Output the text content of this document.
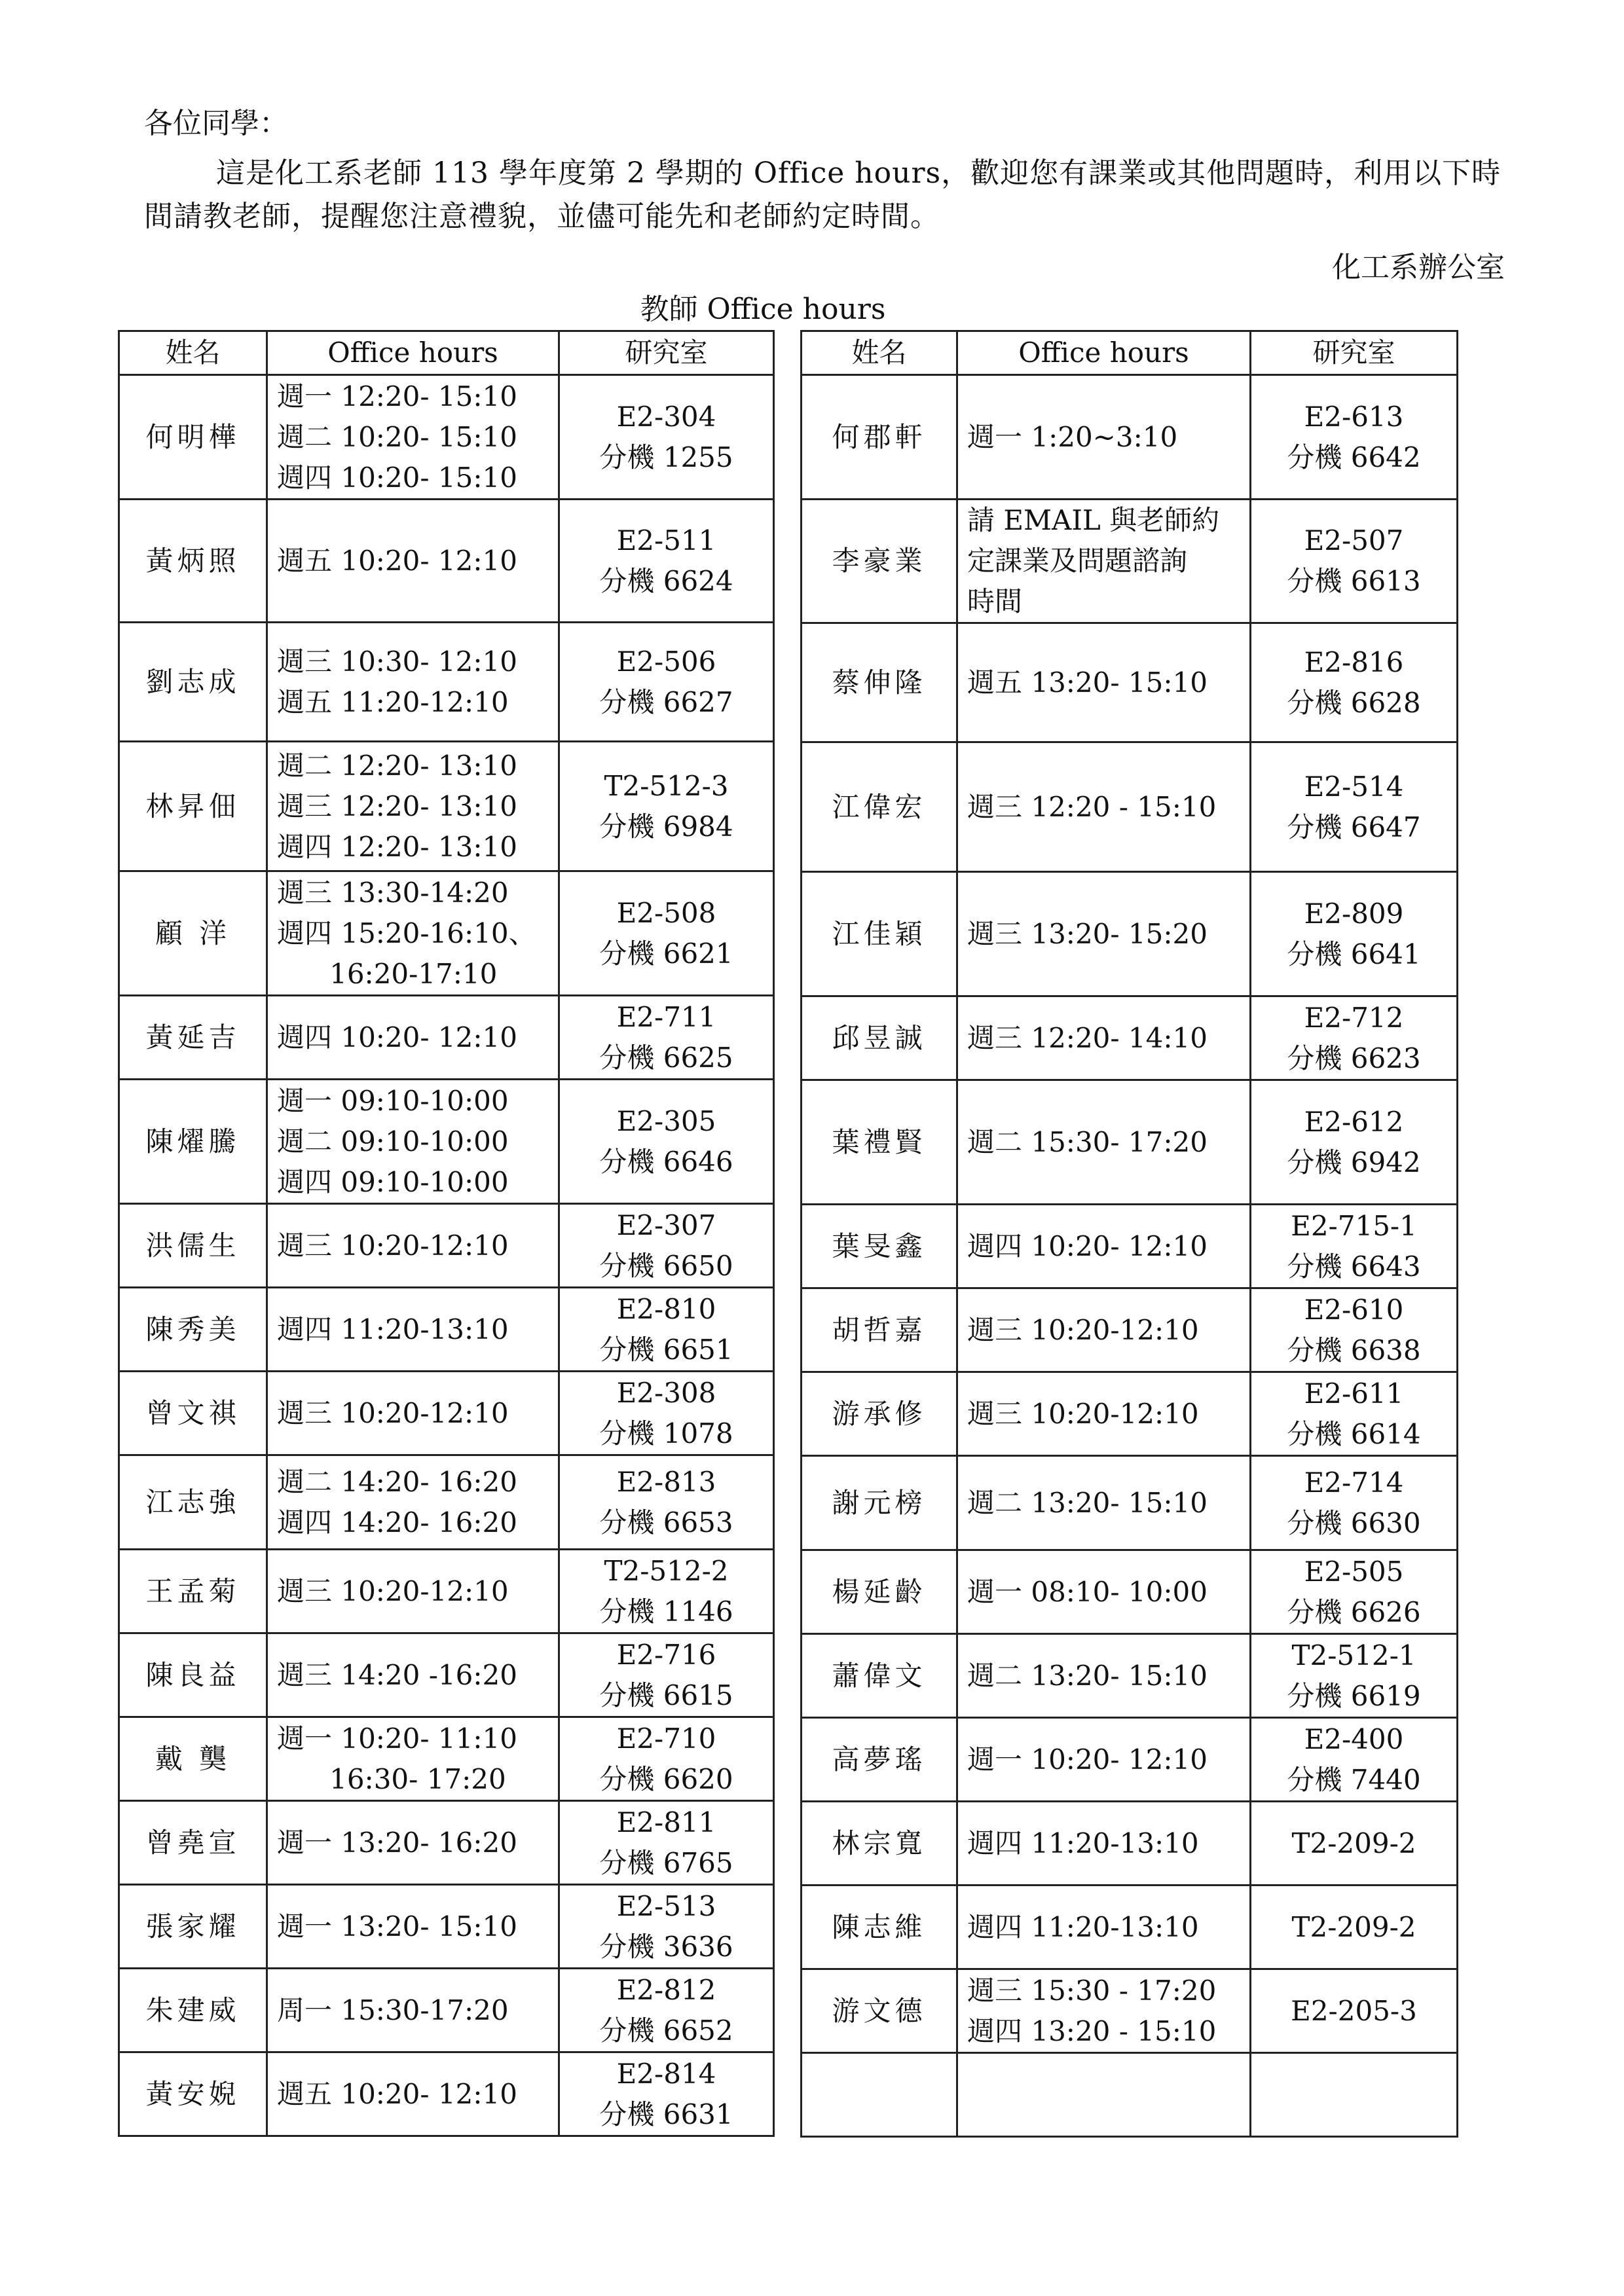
各位同學：

這是化工系老師 113 學年度第 2 學期的 Office hours，歡迎您有課業或其他問題時，利用以下時

間請教老師，提醒您注意禮貌，並儘可能先和老師約定時間。

化工系辦公室

教師 Office hours

姓名	Office hours	研究室
何明樺	週一 12:20- 15:10
週二 10:20- 15:10
週四 10:20- 15:10	E2-304
分機 1255

黃炳照	週五 10:20- 12:10	E2-511
分機 6624

劉志成	週三 10:30- 12:10
週五 11:20-12:10	E2-506
分機 6627

林昇佃	週二 12:20- 13:10
週三 12:20- 13:10
週四 12:20- 13:10	T2-512-3
分機 6984

顧 洋	週三 13:30-14:20
週四 15:20-16:10、
16:20-17:10	E2-508
分機 6621

黃延吉	週四 10:20- 12:10	E2-711
分機 6625

陳燿騰	週一 09:10-10:00
週二 09:10-10:00
週四 09:10-10:00	E2-305
分機 6646

洪儒生	週三 10:20-12:10	E2-307
分機 6650

陳秀美	週四 11:20-13:10	E2-810
分機 6651

曾文祺	週三 10:20-12:10	E2-308
分機 1078

江志強	週二 14:20- 16:20
週四 14:20- 16:20	E2-813
分機 6653

王孟菊	週三 10:20-12:10	T2-512-2
分機 1146

陳良益	週三 14:20 -16:20	E2-716
分機 6615

戴 龑	週一 10:20- 11:10
16:30- 17:20	E2-710
分機 6620

曾堯宣	週一 13:20- 16:20	E2-811
分機 6765

張家耀	週一 13:20- 15:10	E2-513
分機 3636

朱建威	周一 15:30-17:20	E2-812
分機 6652

黃安婗	週五 10:20- 12:10	E2-814
分機 6631
姓名	Office hours	研究室
何郡軒	週一 1:20~3:10	E2-613
分機 6642

李豪業	請 EMAIL 與老師約
定課業及問題諮詢
時間	E2-507
分機 6613

蔡伸隆	週五 13:20- 15:10	E2-816
分機 6628

江偉宏	週三 12:20 - 15:10	E2-514
分機 6647

江佳穎	週三 13:20- 15:20	E2-809
分機 6641

邱昱誠	週三 12:20- 14:10	E2-712
分機 6623

葉禮賢	週二 15:30- 17:20	E2-612
分機 6942

葉旻鑫	週四 10:20- 12:10	E2-715-1
分機 6643

胡哲嘉	週三 10:20-12:10	E2-610
分機 6638

游承修	週三 10:20-12:10	E2-611
分機 6614

謝元榜	週二 13:20- 15:10	E2-714
分機 6630

楊延齡	週一 08:10- 10:00	E2-505
分機 6626

蕭偉文	週二 13:20- 15:10	T2-512-1
分機 6619

高夢瑤	週一 10:20- 12:10	E2-400
分機 7440

林宗寬	週四 11:20-13:10	T2-209-2

陳志維	週四 11:20-13:10	T2-209-2

游文德	週三 15:30 - 17:20
週四 13:20 - 15:10	E2-205-3
